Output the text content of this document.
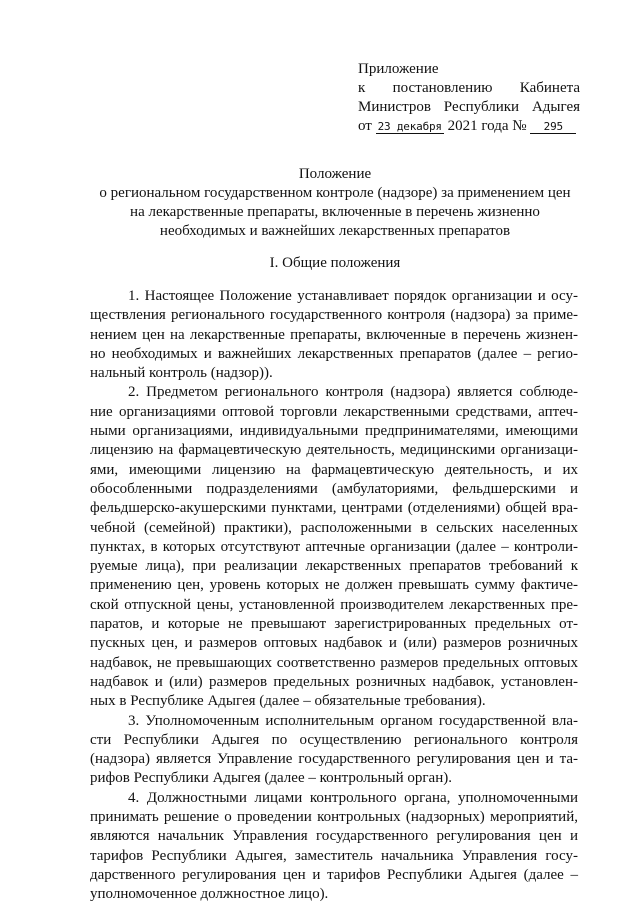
Приложение
к постановлению Кабинета
Министров Республики Адыгея
от 23 декабря 2021 года № 295
Положение
о региональном государственном контроле (надзоре) за применением цен
на лекарственные препараты, включенные в перечень жизненно
необходимых и важнейших лекарственных препаратов
I. Общие положения
1. Настоящее Положение устанавливает порядок организации и осу-
ществления регионального государственного контроля (надзора) за приме-
нением цен на лекарственные препараты, включенные в перечень жизнен-
но необходимых и важнейших лекарственных препаратов (далее – регио-
нальный контроль (надзор)).
2. Предметом регионального контроля (надзора) является соблюде-
ние организациями оптовой торговли лекарственными средствами, аптеч-
ными организациями, индивидуальными предпринимателями, имеющими
лицензию на фармацевтическую деятельность, медицинскими организаци-
ями, имеющими лицензию на фармацевтическую деятельность, и их
обособленными подразделениями (амбулаториями, фельдшерскими и
фельдшерско-акушерскими пунктами, центрами (отделениями) общей вра-
чебной (семейной) практики), расположенными в сельских населенных
пунктах, в которых отсутствуют аптечные организации (далее – контроли-
руемые лица), при реализации лекарственных препаратов требований к
применению цен, уровень которых не должен превышать сумму фактиче-
ской отпускной цены, установленной производителем лекарственных пре-
паратов, и которые не превышают зарегистрированных предельных от-
пускных цен, и размеров оптовых надбавок и (или) размеров розничных
надбавок, не превышающих соответственно размеров предельных оптовых
надбавок и (или) размеров предельных розничных надбавок, установлен-
ных в Республике Адыгея (далее – обязательные требования).
3. Уполномоченным исполнительным органом государственной вла-
сти Республики Адыгея по осуществлению регионального контроля
(надзора) является Управление государственного регулирования цен и та-
рифов Республики Адыгея (далее – контрольный орган).
4. Должностными лицами контрольного органа, уполномоченными
принимать решение о проведении контрольных (надзорных) мероприятий,
являются начальник Управления государственного регулирования цен и
тарифов Республики Адыгея, заместитель начальника Управления госу-
дарственного регулирования цен и тарифов Республики Адыгея (далее –
уполномоченное должностное лицо).
